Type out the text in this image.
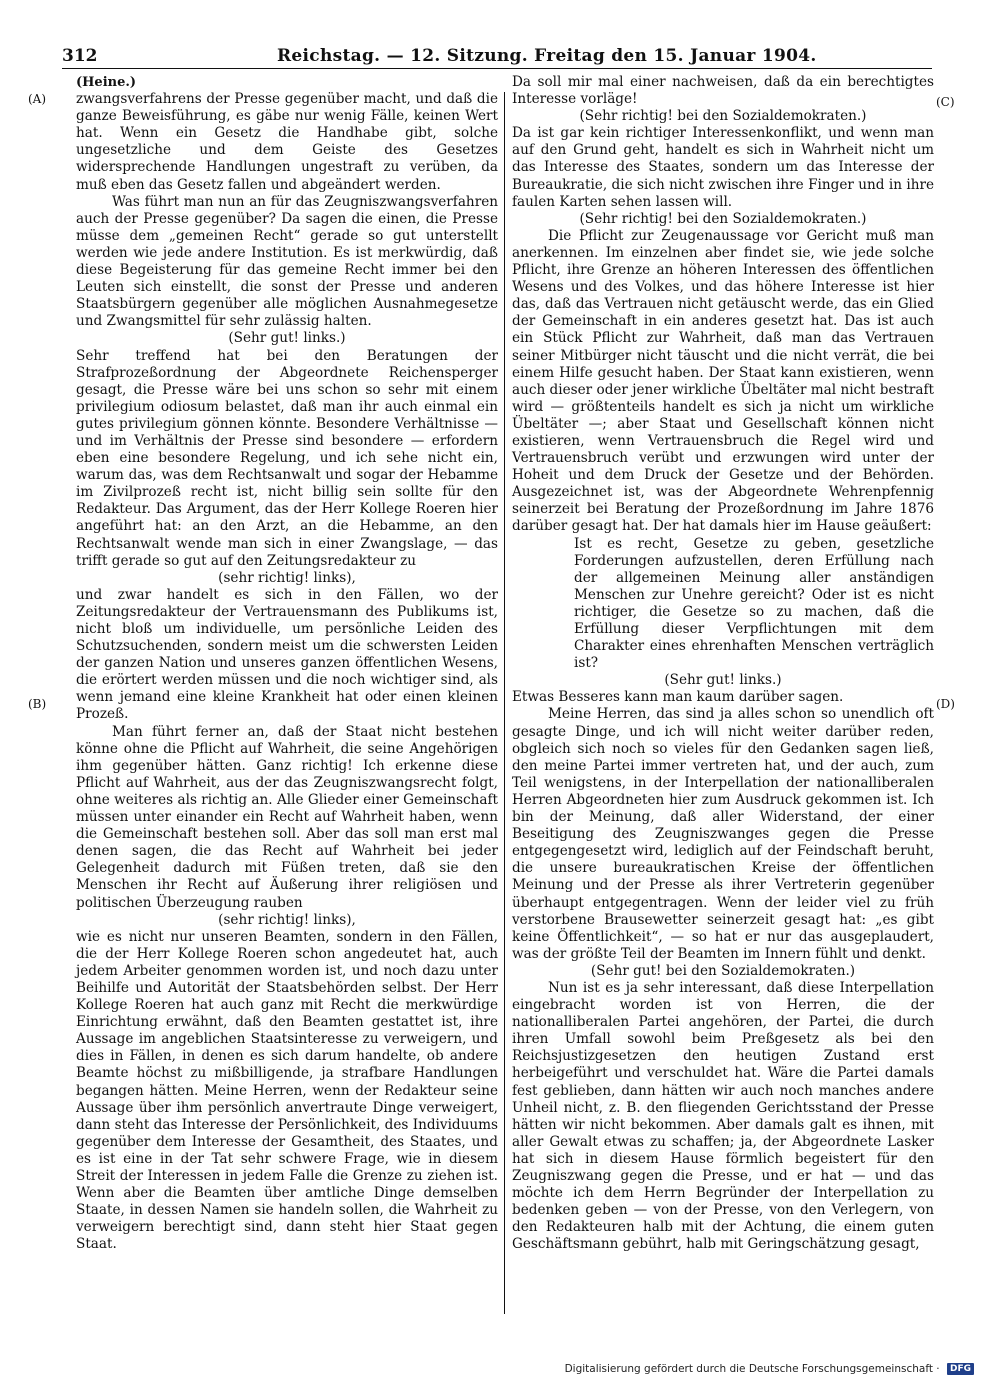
312	Reichstag. — 12. Sitzung. Freitag den 15. Januar 1904.

(Heine.)

zwangsverfahrens der Presse gegenüber macht, und daß die ganze Beweisführung, es gäbe nur wenig Fälle, keinen Wert hat. Wenn ein Gesetz die Handhabe gibt, solche ungesetzliche und dem Geiste des Gesetzes widersprechende Handlungen ungestraft zu verüben, da muß eben das Gesetz fallen und abgeändert werden.

Was führt man nun an für das Zeugniszwangsverfahren auch der Presse gegenüber? Da sagen die einen, die Presse müsse dem „gemeinen Recht“ gerade so gut unterstellt werden wie jede andere Institution. Es ist merkwürdig, daß diese Begeisterung für das gemeine Recht immer bei den Leuten sich einstellt, die sonst der Presse und anderen Staatsbürgern gegenüber alle möglichen Ausnahmegesetze und Zwangsmittel für sehr zulässig halten.

(Sehr gut! links.)

Sehr treffend hat bei den Beratungen der Strafprozeßordnung der Abgeordnete Reichensperger gesagt, die Presse wäre bei uns schon so sehr mit einem privilegium odiosum belastet, daß man ihr auch einmal ein gutes privilegium gönnen könnte. Besondere Verhältnisse — und im Verhältnis der Presse sind besondere — erfordern eben eine besondere Regelung, und ich sehe nicht ein, warum das, was dem Rechtsanwalt und sogar der Hebamme im Zivilprozeß recht ist, nicht billig sein sollte für den Redakteur. Das Argument, das der Herr Kollege Roeren hier angeführt hat: an den Arzt, an die Hebamme, an den Rechtsanwalt wende man sich in einer Zwangslage, — das trifft gerade so gut auf den Zeitungsredakteur zu

(sehr richtig! links),

und zwar handelt es sich in den Fällen, wo der Zeitungsredakteur der Vertrauensmann des Publikums ist, nicht bloß um individuelle, um persönliche Leiden des Schutzsuchenden, sondern meist um die schwersten Leiden der ganzen Nation und unseres ganzen öffentlichen Wesens, die erörtert werden müssen und die noch wichtiger sind, als wenn jemand eine kleine Krankheit hat oder einen kleinen Prozeß.

Man führt ferner an, daß der Staat nicht bestehen könne ohne die Pflicht auf Wahrheit, die seine Angehörigen ihm gegenüber hätten. Ganz richtig! Ich erkenne diese Pflicht auf Wahrheit, aus der das Zeugniszwangsrecht folgt, ohne weiteres als richtig an. Alle Glieder einer Gemeinschaft müssen unter einander ein Recht auf Wahrheit haben, wenn die Gemeinschaft bestehen soll. Aber das soll man erst mal denen sagen, die das Recht auf Wahrheit bei jeder Gelegenheit dadurch mit Füßen treten, daß sie den Menschen ihr Recht auf Äußerung ihrer religiösen und politischen Überzeugung rauben

(sehr richtig! links),

wie es nicht nur unseren Beamten, sondern in den Fällen, die der Herr Kollege Roeren schon angedeutet hat, auch jedem Arbeiter genommen worden ist, und noch dazu unter Beihilfe und Autorität der Staatsbehörden selbst. Der Herr Kollege Roeren hat auch ganz mit Recht die merkwürdige Einrichtung erwähnt, daß den Beamten gestattet ist, ihre Aussage im angeblichen Staatsinteresse zu verweigern, und dies in Fällen, in denen es sich darum handelte, ob andere Beamte höchst zu mißbilligende, ja strafbare Handlungen begangen hätten. Meine Herren, wenn der Redakteur seine Aussage über ihm persönlich anvertraute Dinge verweigert, dann steht das Interesse der Persönlichkeit, des Individuums gegenüber dem Interesse der Gesamtheit, des Staates, und es ist eine in der Tat sehr schwere Frage, wie in diesem Streit der Interessen in jedem Falle die Grenze zu ziehen ist. Wenn aber die Beamten über amtliche Dinge demselben Staate, in dessen Namen sie handeln sollen, die Wahrheit zu verweigern berechtigt sind, dann steht hier Staat gegen Staat.

Da soll mir mal einer nachweisen, daß da ein berechtigtes Interesse vorläge!

(Sehr richtig! bei den Sozialdemokraten.)

Da ist gar kein richtiger Interessenkonflikt, und wenn man auf den Grund geht, handelt es sich in Wahrheit nicht um das Interesse des Staates, sondern um das Interesse der Bureaukratie, die sich nicht zwischen ihre Finger und in ihre faulen Karten sehen lassen will.

(Sehr richtig! bei den Sozialdemokraten.)

Die Pflicht zur Zeugenaussage vor Gericht muß man anerkennen. Im einzelnen aber findet sie, wie jede solche Pflicht, ihre Grenze an höheren Interessen des öffentlichen Wesens und des Volkes, und das höhere Interesse ist hier das, daß das Vertrauen nicht getäuscht werde, das ein Glied der Gemeinschaft in ein anderes gesetzt hat. Das ist auch ein Stück Pflicht zur Wahrheit, daß man das Vertrauen seiner Mitbürger nicht täuscht und die nicht verrät, die bei einem Hilfe gesucht haben. Der Staat kann existieren, wenn auch dieser oder jener wirkliche Übeltäter mal nicht bestraft wird — größtenteils handelt es sich ja nicht um wirkliche Übeltäter —; aber Staat und Gesellschaft können nicht existieren, wenn Vertrauensbruch die Regel wird und Vertrauensbruch verübt und erzwungen wird unter der Hoheit und dem Druck der Gesetze und der Behörden. Ausgezeichnet ist, was der Abgeordnete Wehrenpfennig seinerzeit bei Beratung der Prozeßordnung im Jahre 1876 darüber gesagt hat. Der hat damals hier im Hause geäußert:

Ist es recht, Gesetze zu geben, gesetzliche Forderungen aufzustellen, deren Erfüllung nach der allgemeinen Meinung aller anständigen Menschen zur Unehre gereicht? Oder ist es nicht richtiger, die Gesetze so zu machen, daß die Erfüllung dieser Verpflichtungen mit dem Charakter eines ehrenhaften Menschen verträglich ist?

(Sehr gut! links.)

Etwas Besseres kann man kaum darüber sagen.

Meine Herren, das sind ja alles schon so unendlich oft gesagte Dinge, und ich will nicht weiter darüber reden, obgleich sich noch so vieles für den Gedanken sagen ließ, den meine Partei immer vertreten hat, und der auch, zum Teil wenigstens, in der Interpellation der nationalliberalen Herren Abgeordneten hier zum Ausdruck gekommen ist. Ich bin der Meinung, daß aller Widerstand, der einer Beseitigung des Zeugniszwanges gegen die Presse entgegengesetzt wird, lediglich auf der Feindschaft beruht, die unsere bureaukratischen Kreise der öffentlichen Meinung und der Presse als ihrer Vertreterin gegenüber überhaupt entgegentragen. Wenn der leider viel zu früh verstorbene Brausewetter seinerzeit gesagt hat: „es gibt keine Öffentlichkeit“, — so hat er nur das ausgeplaudert, was der größte Teil der Beamten im Innern fühlt und denkt.

(Sehr gut! bei den Sozialdemokraten.)

Nun ist es ja sehr interessant, daß diese Interpellation eingebracht worden ist von Herren, die der nationalliberalen Partei angehören, der Partei, die durch ihren Umfall sowohl beim Preßgesetz als bei den Reichsjustizgesetzen den heutigen Zustand erst herbeigeführt und verschuldet hat. Wäre die Partei damals fest geblieben, dann hätten wir auch noch manches andere Unheil nicht, z. B. den fliegenden Gerichtsstand der Presse hätten wir nicht bekommen. Aber damals galt es ihnen, mit aller Gewalt etwas zu schaffen; ja, der Abgeordnete Lasker hat sich in diesem Hause förmlich begeistert für den Zeugniszwang gegen die Presse, und er hat — und das möchte ich dem Herrn Begründer der Interpellation zu bedenken geben — von der Presse, von den Verlegern, von den Redakteuren halb mit der Achtung, die einem guten Geschäftsmann gebührt, halb mit Geringschätzung gesagt,

(A)
(B)
(C)
(D)
Digitalisierung gefördert durch die Deutsche Forschungsgemeinschaft · DFG
